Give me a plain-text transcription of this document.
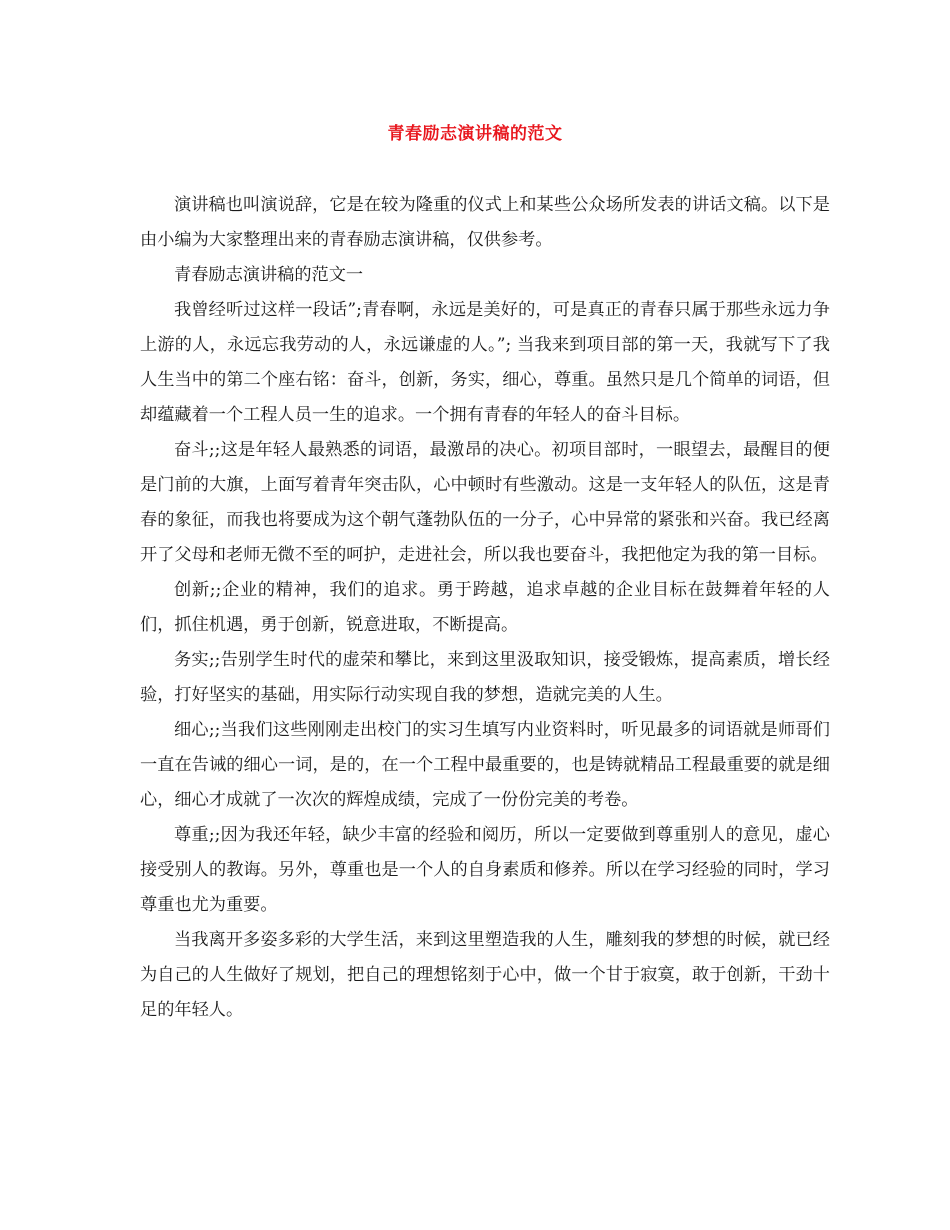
青春励志演讲稿的范文

演讲稿也叫演说辞，它是在较为隆重的仪式上和某些公众场所发表的讲话文稿。以下是由小编为大家整理出来的青春励志演讲稿，仅供参考。

青春励志演讲稿的范文一

我曾经听过这样一段话”;青春啊，永远是美好的，可是真正的青春只属于那些永远力争上游的人，永远忘我劳动的人，永远谦虚的人。”; 当我来到项目部的第一天，我就写下了我人生当中的第二个座右铭：奋斗，创新，务实，细心，尊重。虽然只是几个简单的词语，但却蕴藏着一个工程人员一生的追求。一个拥有青春的年轻人的奋斗目标。

奋斗;;这是年轻人最熟悉的词语，最激昂的决心。初项目部时，一眼望去，最醒目的便是门前的大旗，上面写着青年突击队，心中顿时有些激动。这是一支年轻人的队伍，这是青春的象征，而我也将要成为这个朝气蓬勃队伍的一分子，心中异常的紧张和兴奋。我已经离开了父母和老师无微不至的呵护，走进社会，所以我也要奋斗，我把他定为我的第一目标。

创新;;企业的精神，我们的追求。勇于跨越，追求卓越的企业目标在鼓舞着年轻的人们，抓住机遇，勇于创新，锐意进取，不断提高。

务实;;告别学生时代的虚荣和攀比，来到这里汲取知识，接受锻炼，提高素质，增长经验，打好坚实的基础，用实际行动实现自我的梦想，造就完美的人生。

细心;;当我们这些刚刚走出校门的实习生填写内业资料时，听见最多的词语就是师哥们一直在告诫的细心一词，是的，在一个工程中最重要的，也是铸就精品工程最重要的就是细心，细心才成就了一次次的辉煌成绩，完成了一份份完美的考卷。

尊重;;因为我还年轻，缺少丰富的经验和阅历，所以一定要做到尊重别人的意见，虚心接受别人的教诲。另外，尊重也是一个人的自身素质和修养。所以在学习经验的同时，学习尊重也尤为重要。

当我离开多姿多彩的大学生活，来到这里塑造我的人生，雕刻我的梦想的时候，就已经为自己的人生做好了规划，把自己的理想铭刻于心中，做一个甘于寂寞，敢于创新，干劲十足的年轻人。
